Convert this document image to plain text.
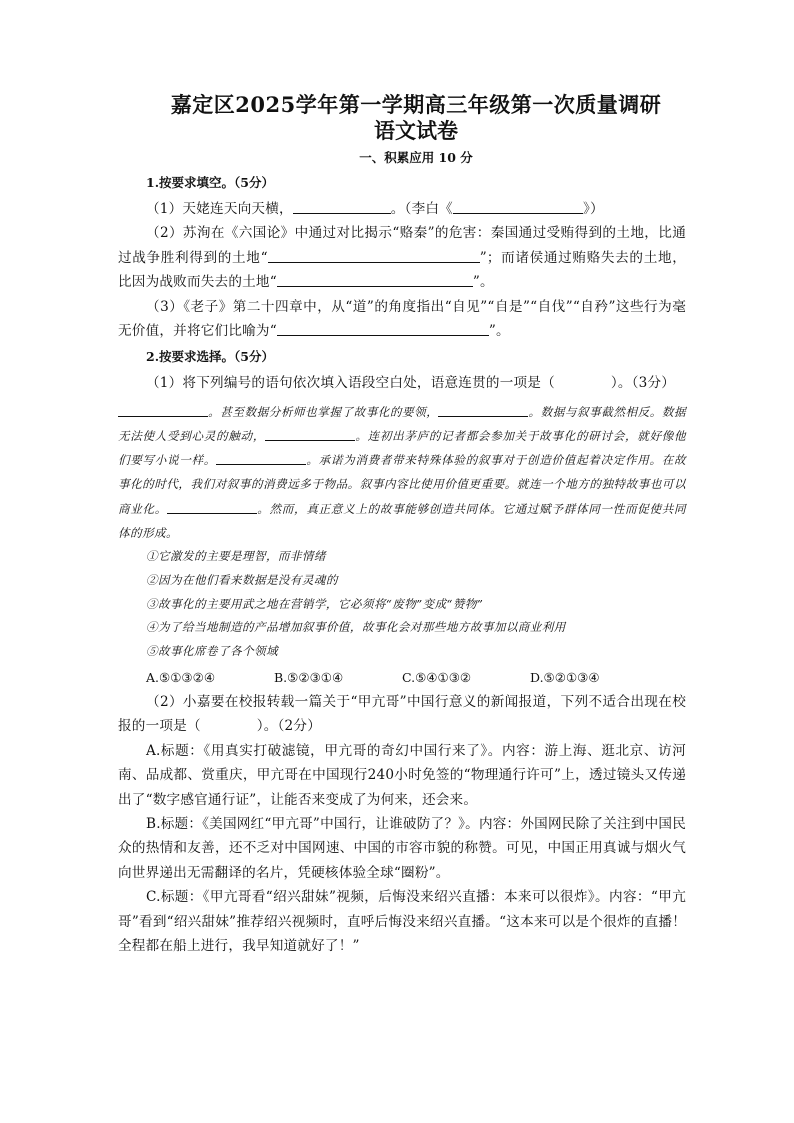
嘉定区2025学年第一学期高三年级第一次质量调研

语文试卷

一、积累应用 10 分

1.按要求填空。（5分）

（1）天姥连天向天横，	。（李白《	》）

（2）苏洵在《六国论》中通过对比揭示“赂秦”的危害：秦国通过受贿得到的土地，比通过战争胜利得到的土地“	”；而诸侯通过贿赂失去的土地，比因为战败而失去的土地“	”。

（3）《老子》第二十四章中，从“道”的角度指出“自见”“自是”“自伐”“自矜”这些行为毫无价值，并将它们比喻为“	”。

2.按要求选择。（5分）

（1）将下列编号的语句依次填入语段空白处，语意连贯的一项是（	）。（3分）

。甚至数据分析师也掌握了故事化的要领，	。数据与叙事截然相反。数据无法使人受到心灵的触动，	。连初出茅庐的记者都会参加关于故事化的研讨会，就好像他们要写小说一样。	。承诺为消费者带来特殊体验的叙事对于创造价值起着决定作用。在故事化的时代，我们对叙事的消费远多于物品。叙事内容比使用价值更重要。就连一个地方的独特故事也可以商业化。	。然而，真正意义上的故事能够创造共同体。它通过赋予群体同一性而促使共同体的形成。

①它激发的主要是理智，而非情绪

②因为在他们看来数据是没有灵魂的

③故事化的主要用武之地在营销学，它必须将“废物”变成“赞物”

④为了给当地制造的产品增加叙事价值，故事化会对那些地方故事加以商业利用

⑤故事化席卷了各个领域

A.⑤①③②④	B.⑤②③①④	C.⑤④①③②	D.⑤②①③④

（2）小嘉要在校报转载一篇关于“甲亢哥”中国行意义的新闻报道，下列不适合出现在校报的一项是（	）。（2分）

A.标题：《用真实打破滤镜，甲亢哥的奇幻中国行来了》。内容：游上海、逛北京、访河南、品成都、赏重庆，甲亢哥在中国现行240小时免签的“物理通行许可”上，透过镜头又传递出了“数字感官通行证”，让能否来变成了为何来，还会来。

B.标题：《美国网红“甲亢哥”中国行，让谁破防了？》。内容：外国网民除了关注到中国民众的热情和友善，还不乏对中国网速、中国的市容市貌的称赞。可见，中国正用真诚与烟火气向世界递出无需翻译的名片，凭硬核体验全球“圈粉”。

C.标题：《甲亢哥看“绍兴甜妹”视频，后悔没来绍兴直播：本来可以很炸》。内容：“甲亢哥”看到“绍兴甜妹”推荐绍兴视频时，直呼后悔没来绍兴直播。“这本来可以是个很炸的直播！全程都在船上进行，我早知道就好了！”
